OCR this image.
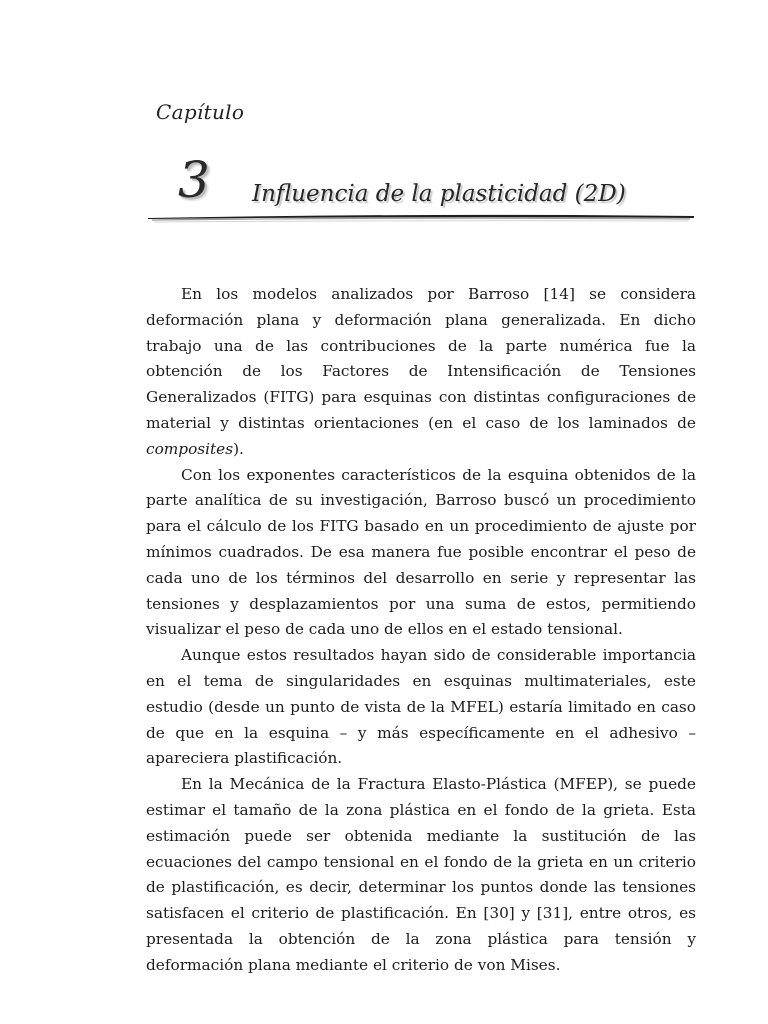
Capítulo
3 Influencia de la plasticidad (2D)

En los modelos analizados por Barroso [14] se considera deformación plana y deformación plana generalizada. En dicho trabajo una de las contribuciones de la parte numérica fue la obtención de los Factores de Intensificación de Tensiones Generalizados (FITG) para esquinas con distintas configuraciones de material y distintas orientaciones (en el caso de los laminados de composites).

Con los exponentes característicos de la esquina obtenidos de la parte analítica de su investigación, Barroso buscó un procedimiento para el cálculo de los FITG basado en un procedimiento de ajuste por mínimos cuadrados. De esa manera fue posible encontrar el peso de cada uno de los términos del desarrollo en serie y representar las tensiones y desplazamientos por una suma de estos, permitiendo visualizar el peso de cada uno de ellos en el estado tensional.

Aunque estos resultados hayan sido de considerable importancia en el tema de singularidades en esquinas multimateriales, este estudio (desde un punto de vista de la MFEL) estaría limitado en caso de que en la esquina – y más específicamente en el adhesivo – apareciera plastificación.

En la Mecánica de la Fractura Elasto-Plástica (MFEP), se puede estimar el tamaño de la zona plástica en el fondo de la grieta. Esta estimación puede ser obtenida mediante la sustitución de las ecuaciones del campo tensional en el fondo de la grieta en un criterio de plastificación, es decir, determinar los puntos donde las tensiones satisfacen el criterio de plastificación. En [30] y [31], entre otros, es presentada la obtención de la zona plástica para tensión y deformación plana mediante el criterio de von Mises.
